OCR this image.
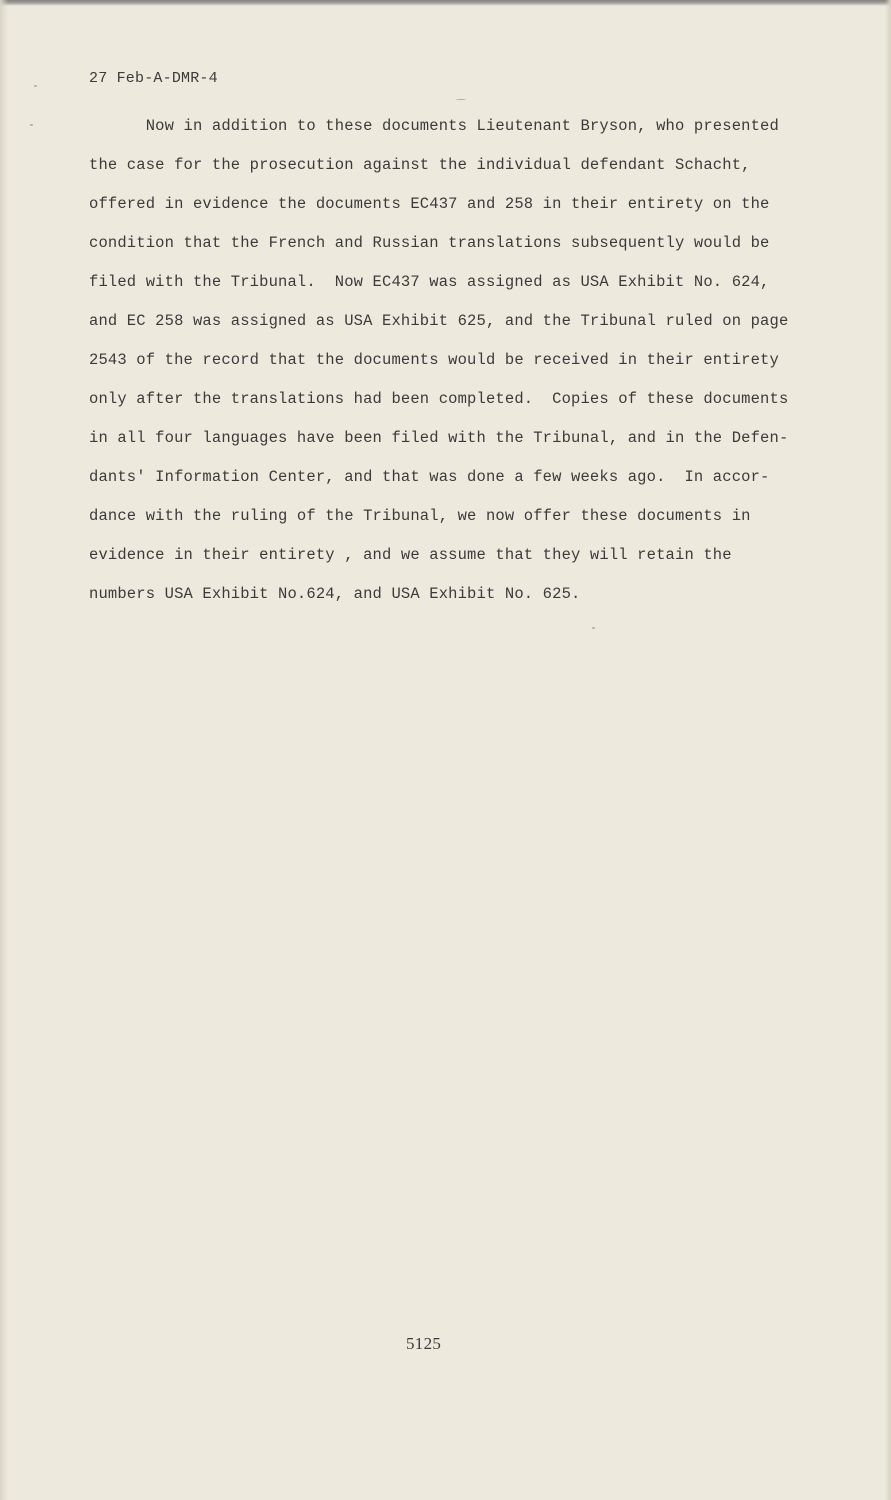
27 Feb-A-DMR-4
Now in addition to these documents Lieutenant Bryson, who presented
the case for the prosecution against the individual defendant Schacht,
offered in evidence the documents EC437 and 258 in their entirety on the
condition that the French and Russian translations subsequently would be
filed with the Tribunal.  Now EC437 was assigned as USA Exhibit No. 624,
and EC 258 was assigned as USA Exhibit 625, and the Tribunal ruled on page
2543 of the record that the documents would be received in their entirety
only after the translations had been completed.  Copies of these documents
in all four languages have been filed with the Tribunal, and in the Defen-
dants' Information Center, and that was done a few weeks ago.  In accor-
dance with the ruling of the Tribunal, we now offer these documents in
evidence in their entirety , and we assume that they will retain the
numbers USA Exhibit No.624, and USA Exhibit No. 625.
5125
